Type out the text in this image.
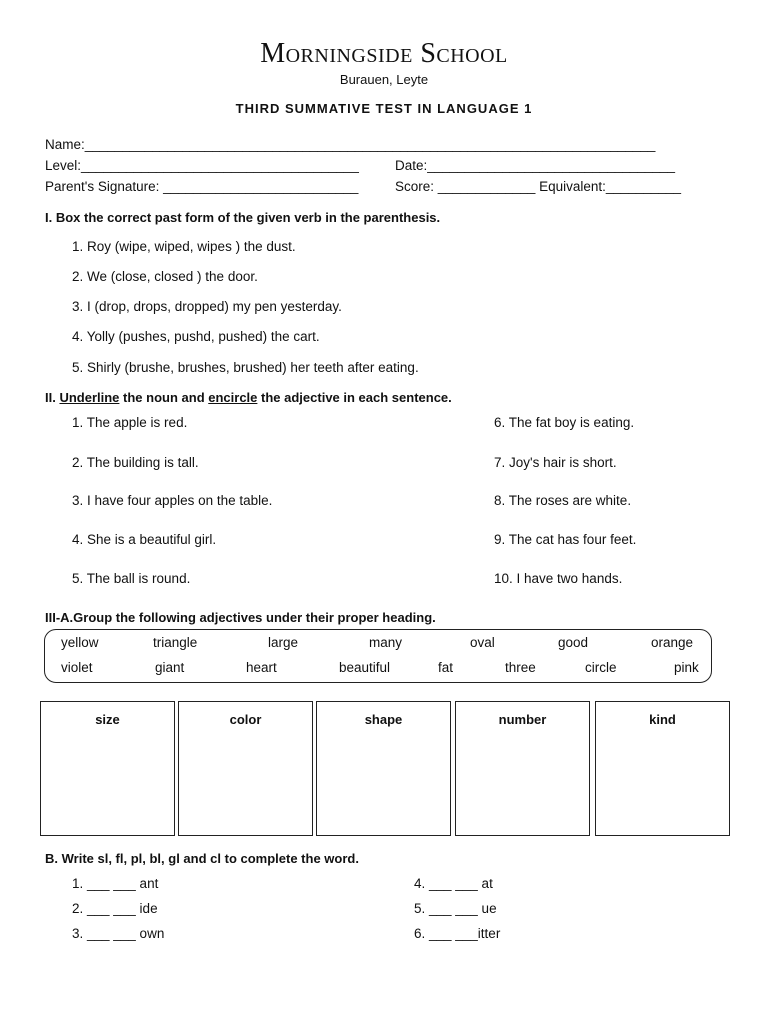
Morningside School
Burauen, Leyte
THIRD SUMMATIVE TEST IN LANGUAGE 1
Name:____________________________________________________________________________
Level:_____________________________________	Date:_________________________________
Parent's Signature: __________________________	Score: _____________ Equivalent:__________
I. Box the correct past form of the given verb in the parenthesis.
1. Roy (wipe, wiped, wipes ) the dust.
2. We (close, closed ) the door.
3. I (drop, drops, dropped) my pen yesterday.
4. Yolly (pushes, pushd, pushed) the cart.
5. Shirly (brushe, brushes, brushed) her teeth after eating.
II. Underline the noun and encircle the adjective in each sentence.
1. The apple is red.
2. The building is tall.
3. I have four apples on the table.
4. She is a beautiful girl.
5. The ball is round.
6. The fat boy is eating.
7. Joy's hair is short.
8. The roses are white.
9. The cat has four feet.
10. I have two hands.
III-A.Group the following adjectives under their proper heading.
yellow	triangle	large	many	oval	good	orange
violet	giant	heart	beautiful	fat	three	circle	pink
size	color	shape	number	kind
B. Write sl, fl, pl, bl, gl and cl to complete the word.
1. ___ ___ ant
2. ___ ___ ide
3. ___ ___ own
4. ___ ___ at
5. ___ ___ ue
6. ___ ___itter
